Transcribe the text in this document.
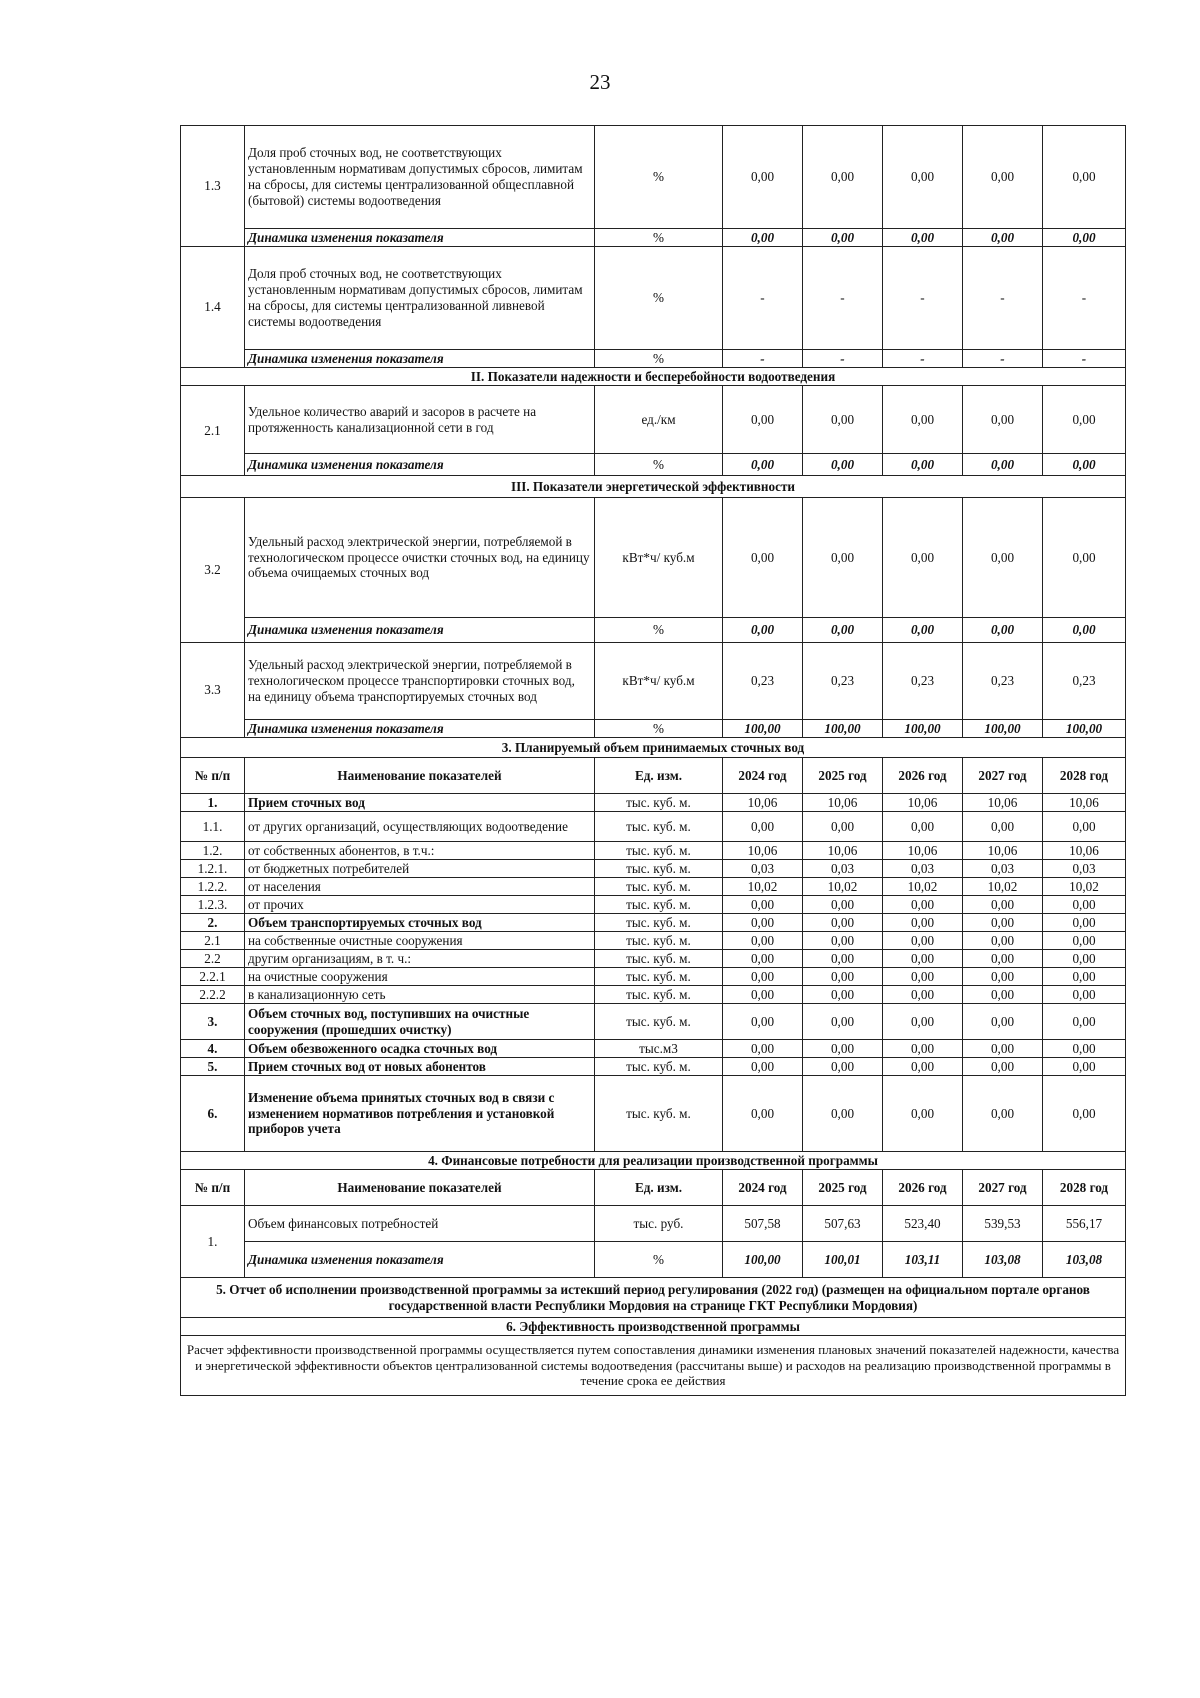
23
1.3	Доля проб сточных вод, не соответствующих установленным нормативам допустимых сбросов, лимитам на сбросы, для системы централизованной общесплавной (бытовой) системы водоотведения	%	0,00	0,00	0,00	0,00	0,00
	Динамика изменения показателя	%	0,00	0,00	0,00	0,00	0,00
1.4	Доля проб сточных вод, не соответствующих установленным нормативам допустимых сбросов, лимитам на сбросы, для системы централизованной ливневой системы водоотведения	%	-	-	-	-	-
	Динамика изменения показателя	%	-	-	-	-	-
II. Показатели надежности и бесперебойности водоотведения							
2.1	Удельное количество аварий и засоров в расчете на протяженность канализационной сети в год	ед./км	0,00	0,00	0,00	0,00	0,00
	Динамика изменения показателя	%	0,00	0,00	0,00	0,00	0,00
III. Показатели энергетической эффективности							
3.2	Удельный расход электрической энергии, потребляемой в технологическом процессе очистки сточных вод, на единицу объема очищаемых сточных вод	кВт*ч/ куб.м	0,00	0,00	0,00	0,00	0,00
	Динамика изменения показателя	%	0,00	0,00	0,00	0,00	0,00
3.3	Удельный расход электрической энергии, потребляемой в технологическом процессе транспортировки сточных вод, на единицу объема транспортируемых сточных вод	кВт*ч/ куб.м	0,23	0,23	0,23	0,23	0,23
	Динамика изменения показателя	%	100,00	100,00	100,00	100,00	100,00
3. Планируемый объем принимаемых сточных вод							
№ п/п	Наименование показателей	Ед. изм.	2024 год	2025 год	2026 год	2027 год	2028 год
1.	Прием сточных вод	тыс. куб. м.	10,06	10,06	10,06	10,06	10,06
1.1.	от других организаций, осуществляющих водоотведение	тыс. куб. м.	0,00	0,00	0,00	0,00	0,00
1.2.	от собственных абонентов, в т.ч.:	тыс. куб. м.	10,06	10,06	10,06	10,06	10,06
1.2.1.	от бюджетных потребителей	тыс. куб. м.	0,03	0,03	0,03	0,03	0,03
1.2.2.	от населения	тыс. куб. м.	10,02	10,02	10,02	10,02	10,02
1.2.3.	от прочих	тыс. куб. м.	0,00	0,00	0,00	0,00	0,00
2.	Объем транспортируемых сточных вод	тыс. куб. м.	0,00	0,00	0,00	0,00	0,00
2.1	на собственные очистные сооружения	тыс. куб. м.	0,00	0,00	0,00	0,00	0,00
2.2	другим организациям, в т. ч.:	тыс. куб. м.	0,00	0,00	0,00	0,00	0,00
2.2.1	на очистные сооружения	тыс. куб. м.	0,00	0,00	0,00	0,00	0,00
2.2.2	в канализационную сеть	тыс. куб. м.	0,00	0,00	0,00	0,00	0,00
3.	Объем сточных вод, поступивших на очистные сооружения (прошедших очистку)	тыс. куб. м.	0,00	0,00	0,00	0,00	0,00
4.	Объем обезвоженного осадка сточных вод	тыс.м3	0,00	0,00	0,00	0,00	0,00
5.	Прием сточных вод от новых абонентов	тыс. куб. м.	0,00	0,00	0,00	0,00	0,00
6.	Изменение объема принятых сточных вод в связи с изменением нормативов потребления и установкой приборов учета	тыс. куб. м.	0,00	0,00	0,00	0,00	0,00
4. Финансовые потребности для реализации производственной программы							
№ п/п	Наименование показателей	Ед. изм.	2024 год	2025 год	2026 год	2027 год	2028 год
1.	Объем финансовых потребностей	тыс. руб.	507,58	507,63	523,40	539,53	556,17
	Динамика изменения показателя	%	100,00	100,01	103,11	103,08	103,08
5. Отчет об исполнении производственной программы за истекший период регулирования (2022 год) (размещен на официальном портале органов государственной власти Республики Мордовия на странице ГКТ Республики Мордовия)							
6. Эффективность производственной программы							
Расчет эффективности производственной программы осуществляется путем сопоставления динамики изменения плановых значений показателей надежности, качества и энергетической эффективности объектов централизованной системы водоотведения (рассчитаны выше) и расходов на реализацию производственной программы в течение срока ее действия							
